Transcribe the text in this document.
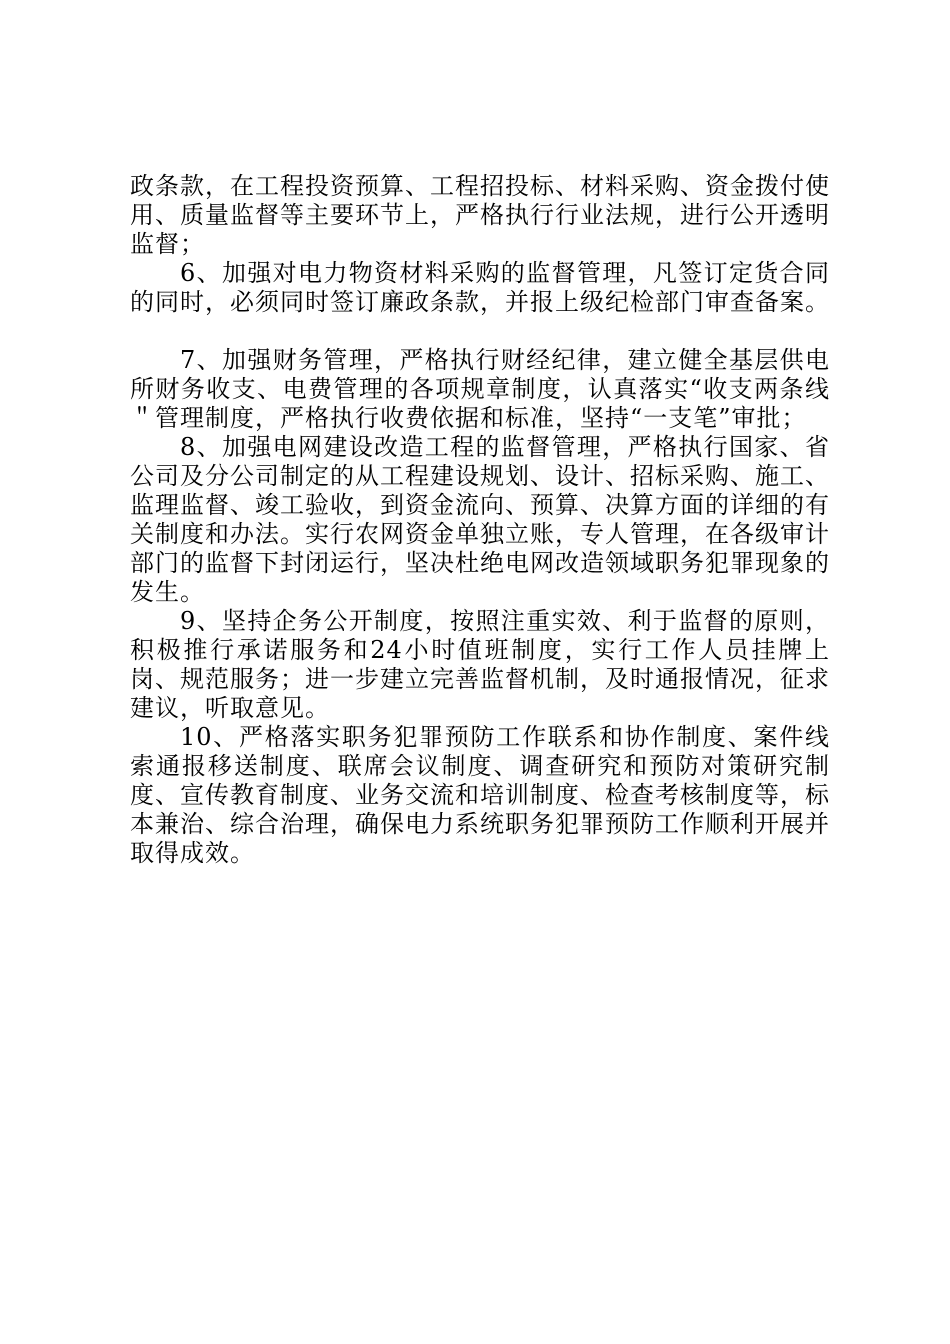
政条款，在工程投资预算、工程招投标、材料采购、资金拨付使用、质量监督等主要环节上，严格执行行业法规，进行公开透明监督；

6、加强对电力物资材料采购的监督管理，凡签订定货合同的同时，必须同时签订廉政条款，并报上级纪检部门审查备案。

7、加强财务管理，严格执行财经纪律，建立健全基层供电所财务收支、电费管理的各项规章制度，认真落实“收支两条线＂管理制度，严格执行收费依据和标准，坚持“一支笔”审批；

8、加强电网建设改造工程的监督管理，严格执行国家、省公司及分公司制定的从工程建设规划、设计、招标采购、施工、监理监督、竣工验收，到资金流向、预算、决算方面的详细的有关制度和办法。实行农网资金单独立账，专人管理，在各级审计部门的监督下封闭运行，坚决杜绝电网改造领域职务犯罪现象的发生。

9、坚持企务公开制度，按照注重实效、利于监督的原则，积极推行承诺服务和24小时值班制度，实行工作人员挂牌上岗、规范服务；进一步建立完善监督机制，及时通报情况，征求建议，听取意见。

10、严格落实职务犯罪预防工作联系和协作制度、案件线索通报移送制度、联席会议制度、调查研究和预防对策研究制度、宣传教育制度、业务交流和培训制度、检查考核制度等，标本兼治、综合治理，确保电力系统职务犯罪预防工作顺利开展并取得成效。
